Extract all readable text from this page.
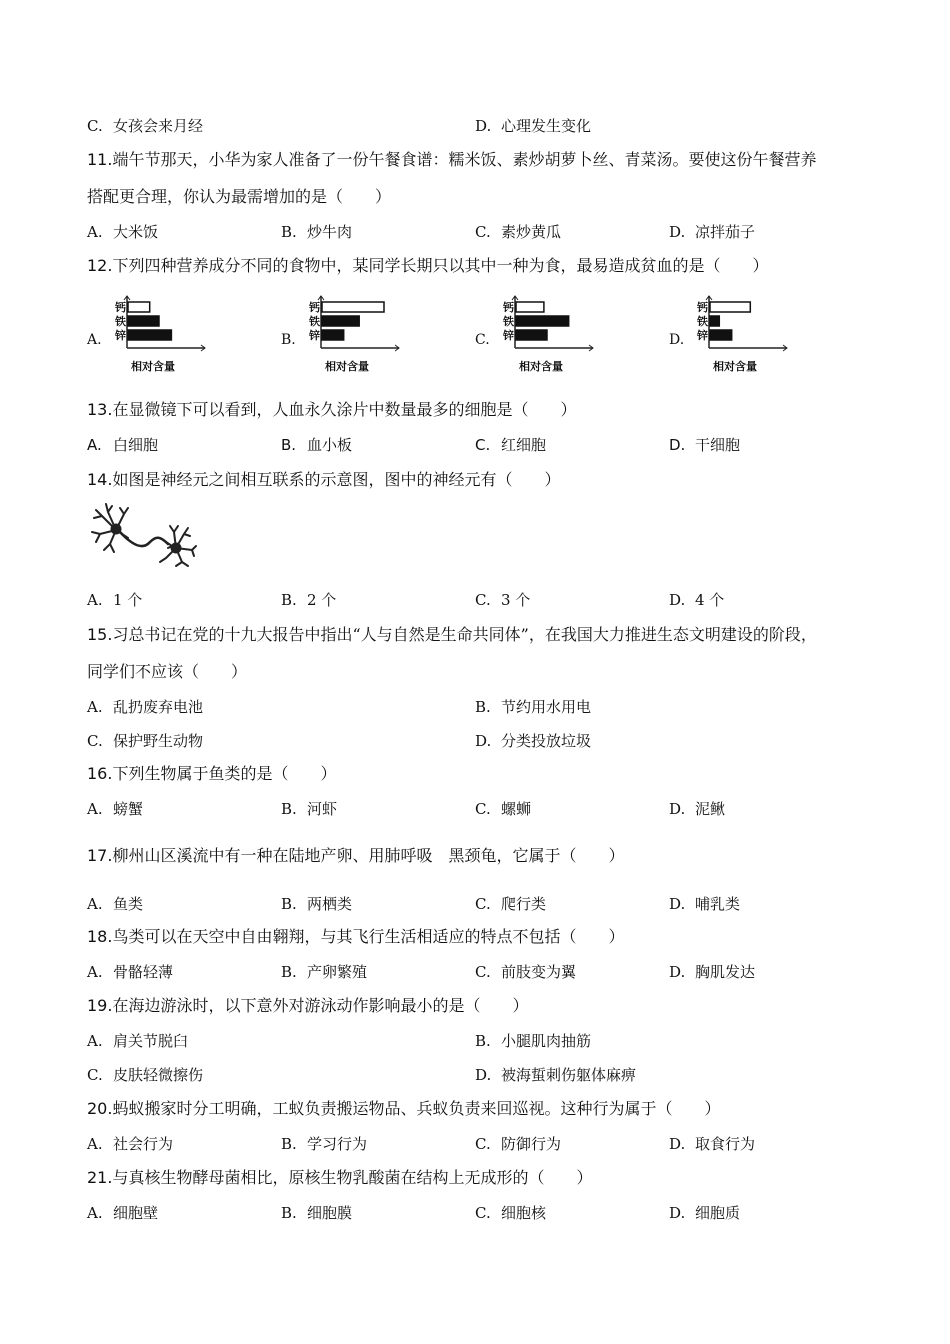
C. 女孩会来月经	D. 心理发生变化
11.端午节那天，小华为家人准备了一份午餐食谱：糯米饭、素炒胡萝卜丝、青菜汤。要使这份午餐营养
搭配更合理，你认为最需增加的是（　　）
A. 大米饭	B. 炒牛肉	C. 素炒黄瓜	D. 凉拌茄子
12.下列四种营养成分不同的食物中，某同学长期只以其中一种为食，最易造成贫血的是（　　）
A.
钙
铁
锌
相对含量
B.
钙
铁
锌
相对含量
C.
钙
铁
锌
相对含量
D.
钙
铁
锌
相对含量
13.在显微镜下可以看到，人血永久涂片中数量最多的细胞是（　　）
A. 白细胞	B. 血小板	C. 红细胞	D. 干细胞
14.如图是神经元之间相互联系的示意图，图中的神经元有（　　）
A. 1 个	B. 2 个	C. 3 个	D. 4 个
15.习总书记在党的十九大报告中指出“人与自然是生命共同体”，在我国大力推进生态文明建设的阶段，
同学们不应该（　　）
A. 乱扔废弃电池	B. 节约用水用电
C. 保护野生动物	D. 分类投放垃圾
16.下列生物属于鱼类的是（　　）
A. 螃蟹	B. 河虾	C. 螺蛳	D. 泥鳅
17.柳州山区溪流中有一种在陆地产卵、用肺呼吸　黑颈龟，它属于（　　）
A. 鱼类	B. 两栖类	C. 爬行类	D. 哺乳类
18.鸟类可以在天空中自由翱翔，与其飞行生活相适应的特点不包括（　　）
A. 骨骼轻薄	B. 产卵繁殖	C. 前肢变为翼	D. 胸肌发达
19.在海边游泳时，以下意外对游泳动作影响最小的是（　　）
A. 肩关节脱臼	B. 小腿肌肉抽筋
C. 皮肤轻微擦伤	D. 被海蜇刺伤躯体麻痹
20.蚂蚁搬家时分工明确，工蚁负责搬运物品、兵蚁负责来回巡视。这种行为属于（　　）
A. 社会行为	B. 学习行为	C. 防御行为	D. 取食行为
21.与真核生物酵母菌相比，原核生物乳酸菌在结构上无成形的（　　）
A. 细胞壁	B. 细胞膜	C. 细胞核	D. 细胞质
